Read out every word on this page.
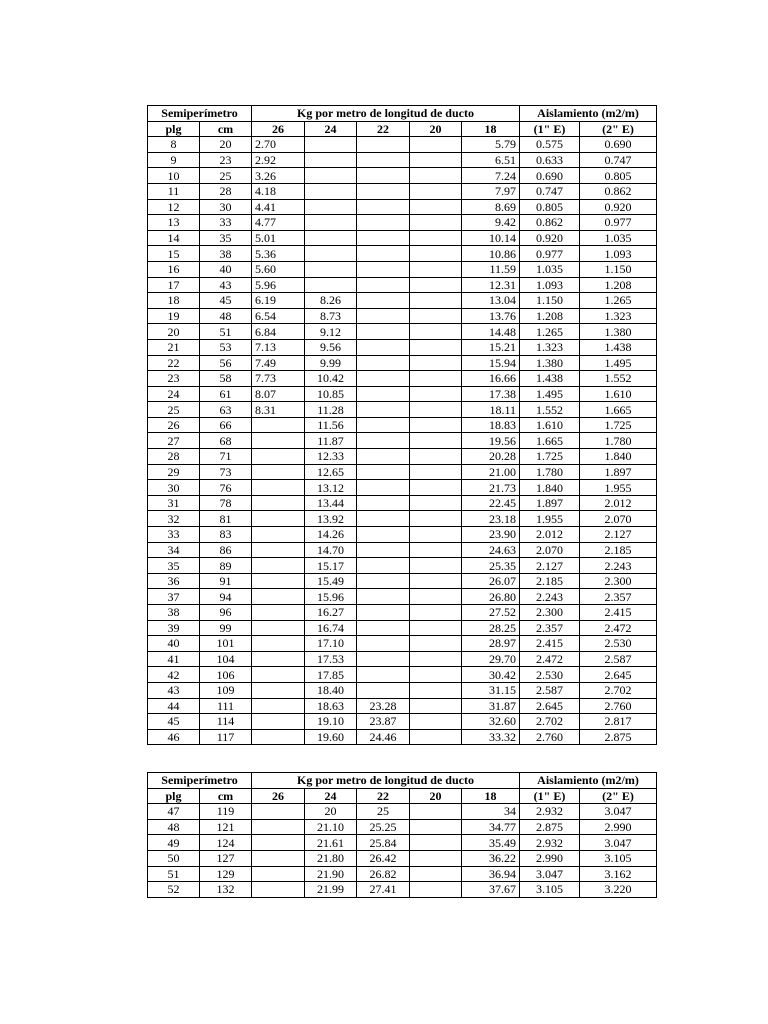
Semiperímetro		Kg por metro de longitud de ducto					Aislamiento (m2/m)	
plg	cm	26	24	22	20	18	(1" E)	(2" E)
8	20	2.70				5.79	0.575	0.690
9	23	2.92				6.51	0.633	0.747
10	25	3.26				7.24	0.690	0.805
11	28	4.18				7.97	0.747	0.862
12	30	4.41				8.69	0.805	0.920
13	33	4.77				9.42	0.862	0.977
14	35	5.01				10.14	0.920	1.035
15	38	5.36				10.86	0.977	1.093
16	40	5.60				11.59	1.035	1.150
17	43	5.96				12.31	1.093	1.208
18	45	6.19	8.26			13.04	1.150	1.265
19	48	6.54	8.73			13.76	1.208	1.323
20	51	6.84	9.12			14.48	1.265	1.380
21	53	7.13	9.56			15.21	1.323	1.438
22	56	7.49	9.99			15.94	1.380	1.495
23	58	7.73	10.42			16.66	1.438	1.552
24	61	8.07	10.85			17.38	1.495	1.610
25	63	8.31	11.28			18.11	1.552	1.665
26	66		11.56			18.83	1.610	1.725
27	68		11.87			19.56	1.665	1.780
28	71		12.33			20.28	1.725	1.840
29	73		12.65			21.00	1.780	1.897
30	76		13.12			21.73	1.840	1.955
31	78		13.44			22.45	1.897	2.012
32	81		13.92			23.18	1.955	2.070
33	83		14.26			23.90	2.012	2.127
34	86		14.70			24.63	2.070	2.185
35	89		15.17			25.35	2.127	2.243
36	91		15.49			26.07	2.185	2.300
37	94		15.96			26.80	2.243	2.357
38	96		16.27			27.52	2.300	2.415
39	99		16.74			28.25	2.357	2.472
40	101		17.10			28.97	2.415	2.530
41	104		17.53			29.70	2.472	2.587
42	106		17.85			30.42	2.530	2.645
43	109		18.40			31.15	2.587	2.702
44	111		18.63	23.28		31.87	2.645	2.760
45	114		19.10	23.87		32.60	2.702	2.817
46	117		19.60	24.46		33.32	2.760	2.875
Semiperímetro		Kg por metro de longitud de ducto					Aislamiento (m2/m)	
plg	cm	26	24	22	20	18	(1" E)	(2" E)
47	119		20	25		34	2.932	3.047
48	121		21.10	25.25		34.77	2.875	2.990
49	124		21.61	25.84		35.49	2.932	3.047
50	127		21.80	26.42		36.22	2.990	3.105
51	129		21.90	26.82		36.94	3.047	3.162
52	132		21.99	27.41		37.67	3.105	3.220
